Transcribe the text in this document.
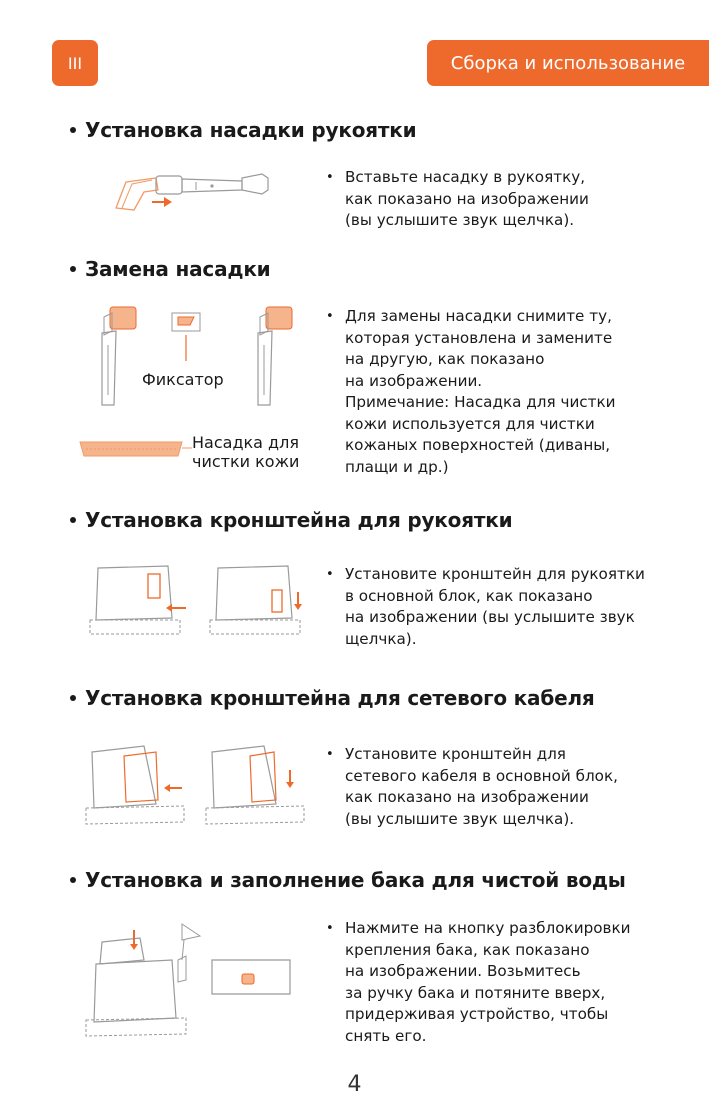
III	Сборка и использование
Установка насадки рукоятки
• Вставьте насадку в рукоятку,
как показано на изображении
(вы услышите звук щелчка).
Замена насадки
Фиксатор
Насадка для
чистки кожи
• Для замены насадки снимите ту,
которая установлена и замените
на другую, как показано
на изображении.
Примечание: Насадка для чистки
кожи используется для чистки
кожаных поверхностей (диваны,
плащи и др.)
Установка кронштейна для рукоятки
• Установите кронштейн для рукоятки
в основной блок, как показано
на изображении (вы услышите звук
щелчка).
Установка кронштейна для сетевого кабеля
• Установите кронштейн для
сетевого кабеля в основной блок,
как показано на изображении
(вы услышите звук щелчка).
Установка и заполнение бака для чистой воды
• Нажмите на кнопку разблокировки
крепления бака, как показано
на изображении. Возьмитесь
за ручку бака и потяните вверх,
придерживая устройство, чтобы
снять его.
4
